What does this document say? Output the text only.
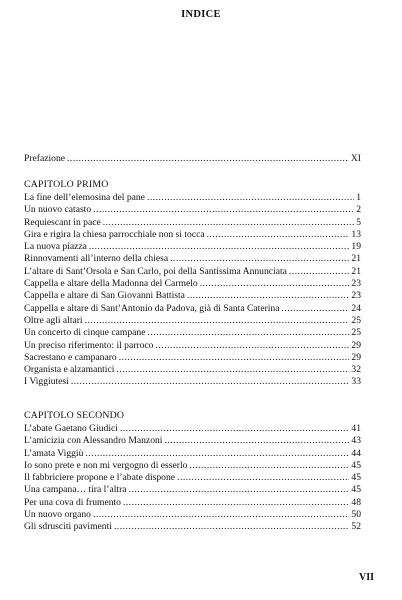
INDICE
Prefazione .....	XI
CAPITOLO PRIMO
La fine dell’elemosina del pane .....	1
Un nuovo catasto .....	2
Requiescant in pace .....	5
Gira e rigira la chiesa parrocchiale non si tocca .....	13
La nuova piazza .....	19
Rinnovamenti all’interno della chiesa .....	21
L’altare di Sant’Orsola e San Carlo, poi della Santissima Annunciata .....	21
Cappella e altare della Madonna del Carmelo .....	23
Cappella e altare di San Giovanni Battista .....	23
Cappella e altare di Sant’Antonio da Padova, già di Santa Caterina .....	24
Oltre agli altari .....	25
Un concerto di cinque campane .....	25
Un preciso riferimento: il parroco .....	29
Sacrestano e campanaro .....	29
Organista e alzamantici .....	32
I Viggiutesi .....	33
CAPITOLO SECONDO
L’abate Gaetano Giudici .....	41
L’amicizia con Alessandro Manzoni .....	43
L’amata Viggiù .....	44
Io sono prete e non mi vergogno di esserlo .....	45
Il fabbriciere propone e l’abate dispone .....	45
Una campana… tira l’altra .....	45
Per una cova di frumento .....	48
Un nuovo organo .....	50
Gli sdrusciti pavimenti .....	52
VII
